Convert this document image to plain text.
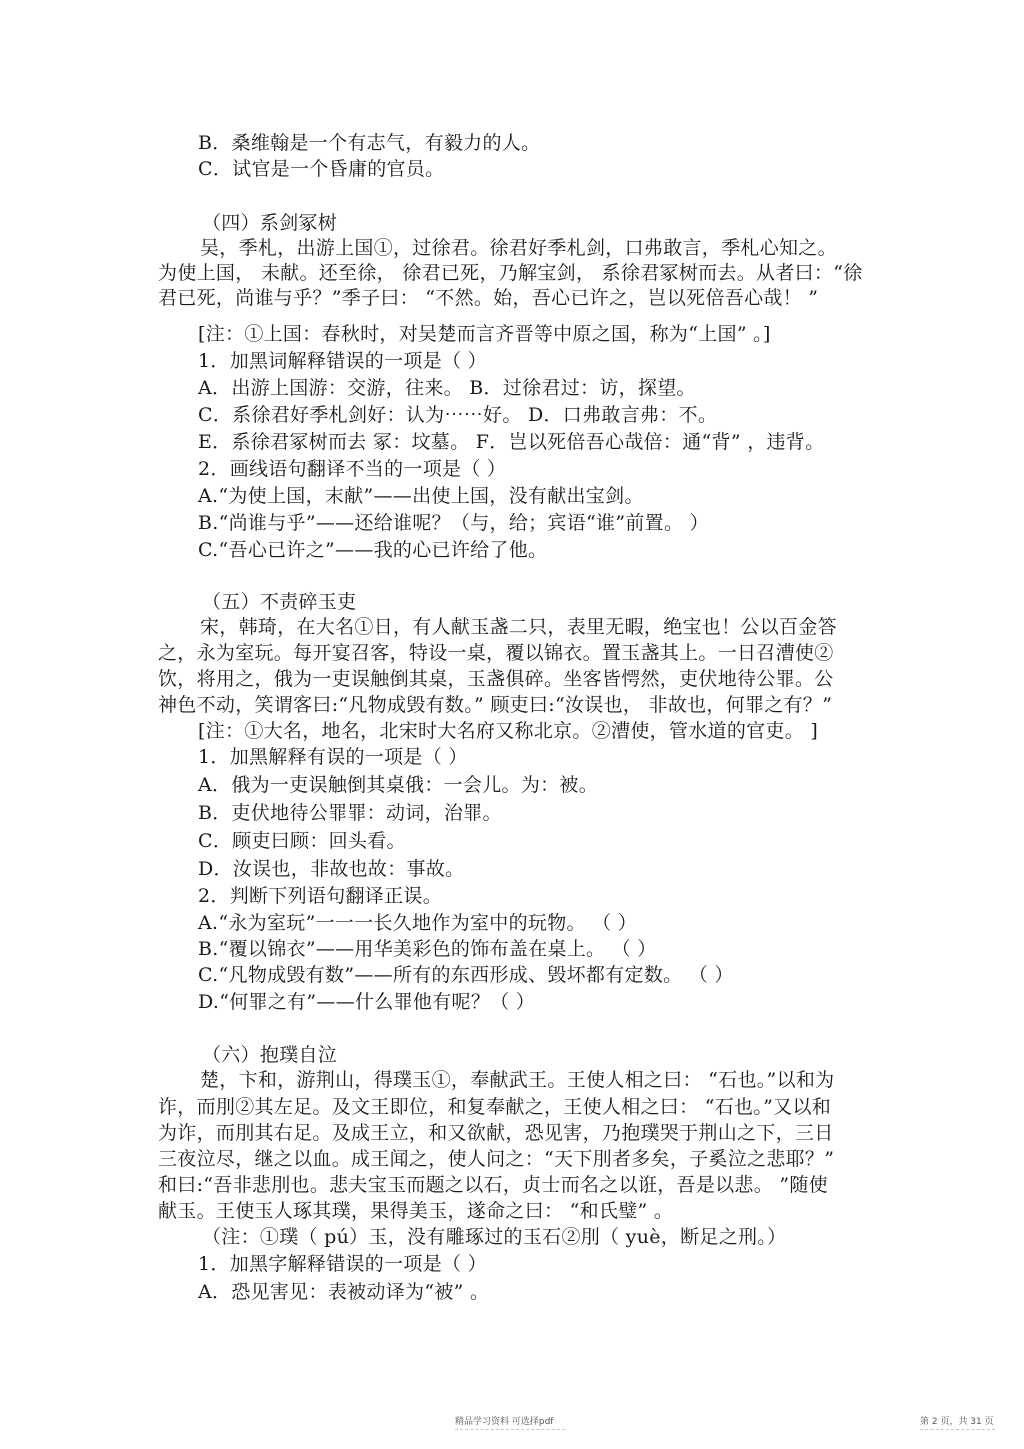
B．桑维翰是一个有志气，有毅力的人。
C．试官是一个昏庸的官员。
（四）系剑冢树
吴，季札，出游上国①，过徐君。徐君好季札剑，口弗敢言，季札心知之。
为使上国， 未献。还至徐， 徐君已死，乃解宝剑， 系徐君冢树而去。从者曰：“徐
君已死，尚谁与乎？”季子曰： “不然。始，吾心已许之，岂以死倍吾心哉！ ”
[注：①上国：春秋时，对吴楚而言齐晋等中原之国，称为“上国” 。]
1．加黑词解释错误的一项是（ ）
A．出游上国游：交游，往来。 B．过徐君过：访，探望。
C．系徐君好季札剑好：认为⋯⋯好。 D．口弗敢言弗：不。
E．系徐君冢树而去 冢：坟墓。 F．岂以死倍吾心哉倍：通“背” ，违背。
2．画线语句翻译不当的一项是（ ）
A.“为使上国，末献”——出使上国，没有献出宝剑。
B.“尚谁与乎”——还给谁呢？（与，给；宾语“谁”前置。 ）
C.“吾心已许之”——我的心已许给了他。
（五）不责碎玉吏
宋，韩琦，在大名①日，有人献玉盏二只，表里无暇，绝宝也！公以百金答
之，永为室玩。每开宴召客，特设一桌，覆以锦衣。置玉盏其上。一日召漕使②
饮，将用之，俄为一吏误触倒其桌，玉盏俱碎。坐客皆愕然，吏伏地待公罪。公
神色不动，笑谓客曰:“凡物成毁有数。” 顾吏曰:“汝误也， 非故也，何罪之有？”
[注：①大名，地名，北宋时大名府又称北京。②漕使，管水道的官吏。 ]
1．加黑解释有误的一项是（ ）
A．俄为一吏误触倒其桌俄：一会儿。为：被。
B．吏伏地待公罪罪：动词，治罪。
C．顾吏曰顾：回头看。
D．汝误也，非故也故：事故。
2．判断下列语句翻译正误。
A.“永为室玩”一一一长久地作为室中的玩物。 （ ）
B.“覆以锦衣”——用华美彩色的饰布盖在桌上。 （ ）
C.“凡物成毁有数”——所有的东西形成、毁坏都有定数。 （ ）
D.“何罪之有”——什么罪他有呢？（ ）
（六）抱璞自泣
楚，卞和，游荆山，得璞玉①，奉献武王。王使人相之曰： “石也。”以和为
诈，而刖②其左足。及文王即位，和复奉献之，王使人相之曰： “石也。”又以和
为诈，而刖其右足。及成王立，和又欲献，恐见害，乃抱璞哭于荆山之下，三日
三夜泣尽，继之以血。成王闻之，使人问之：“天下刖者多矣，子奚泣之悲耶？”
和曰:“吾非悲刖也。悲夫宝玉而题之以石，贞士而名之以诳，吾是以悲。 ”随使
献玉。王使玉人琢其璞，果得美玉，遂命之曰： “和氏璧” 。
（注：①璞（ pú）玉，没有雕琢过的玉石②刖（ yuè，断足之刑。）
1．加黑字解释错误的一项是（ ）
A．恐见害见：表被动译为“被” 。
精品学习资料 可选择pdf	第 2 页，共 31 页
